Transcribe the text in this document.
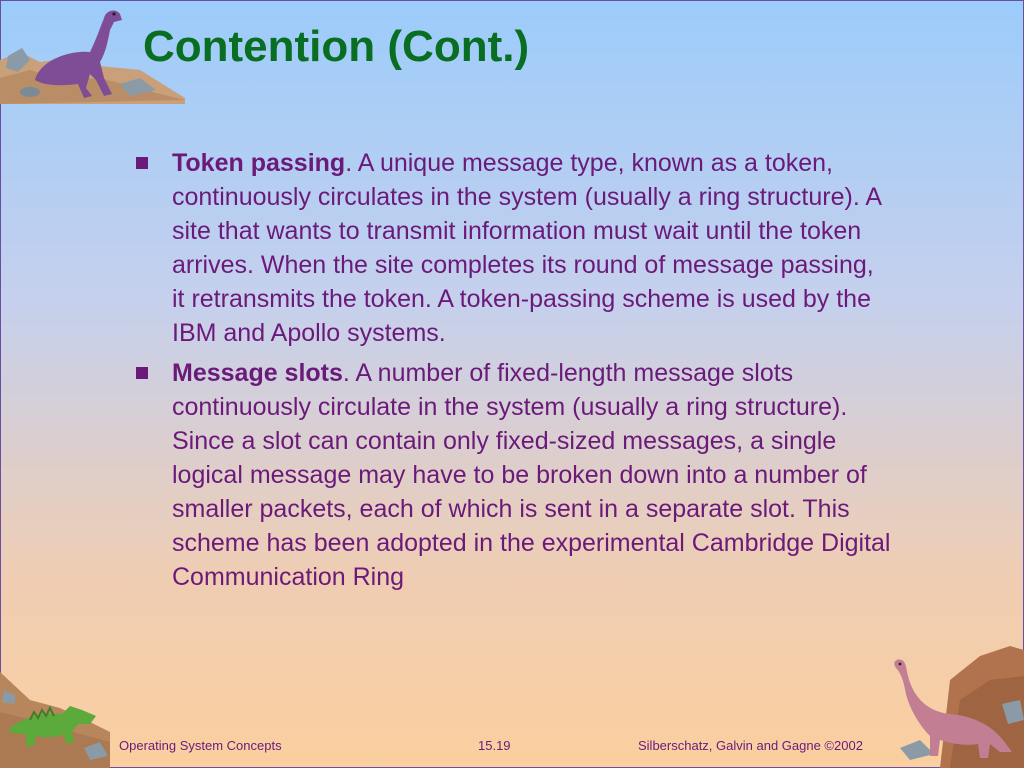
Contention (Cont.)
Token passing. A unique message type, known as a token, continuously circulates in the system (usually a ring structure). A site that wants to transmit information must wait until the token arrives. When the site completes its round of message passing, it retransmits the token. A token-passing scheme is used by the IBM and Apollo systems.
Message slots. A number of fixed-length message slots continuously circulate in the system (usually a ring structure). Since a slot can contain only fixed-sized messages, a single logical message may have to be broken down into a number of smaller packets, each of which is sent in a separate slot. This scheme has been adopted in the experimental Cambridge Digital Communication Ring
Operating System Concepts	15.19	Silberschatz, Galvin and Gagne ©2002
